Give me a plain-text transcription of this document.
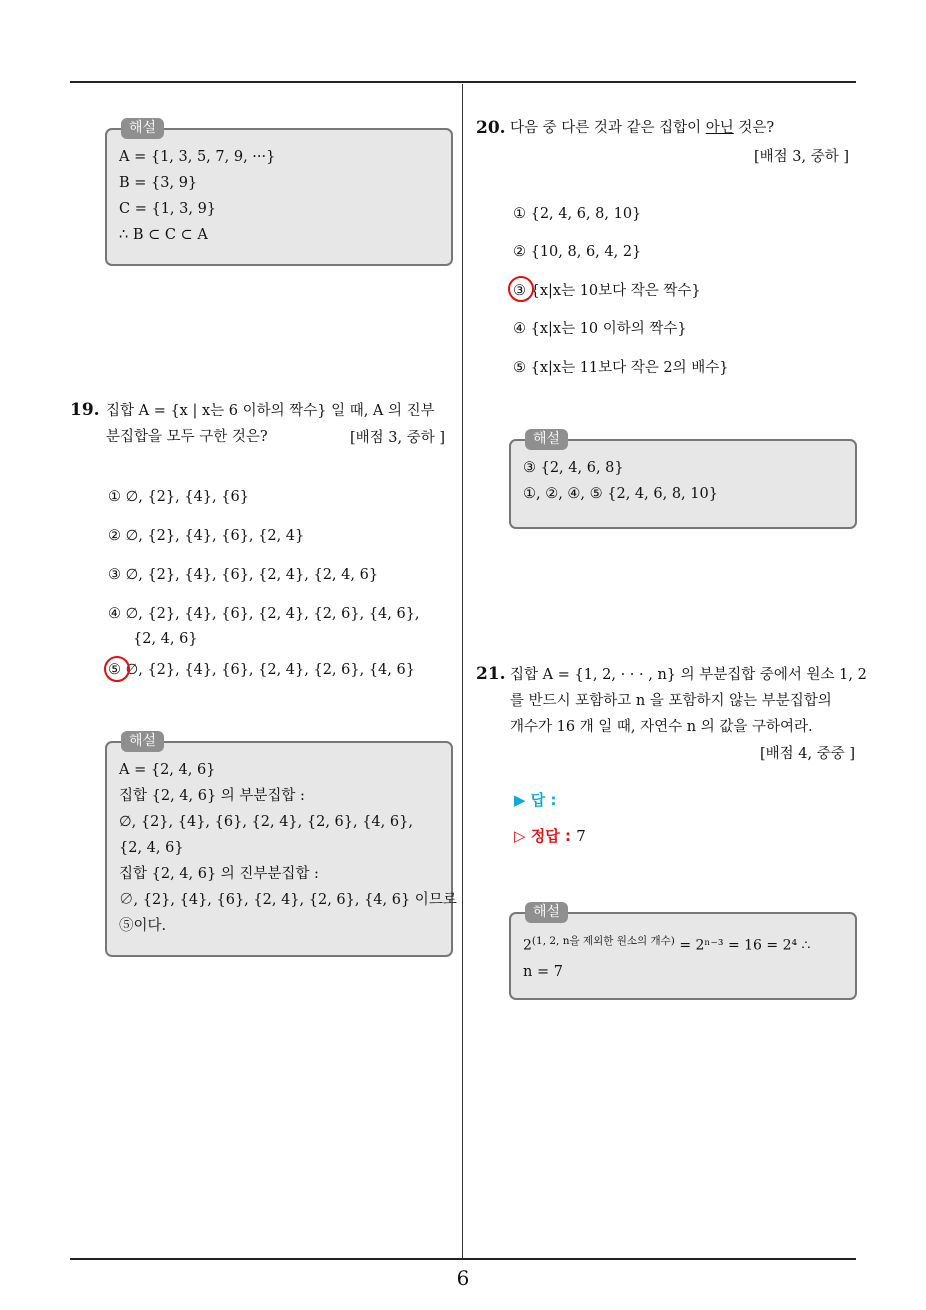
6
해설
A = {1, 3, 5, 7, 9, ···}
B = {3, 9}
C = {1, 3, 9}
∴ B ⊂ C ⊂ A
19. 집합 A = {x | x는 6 이하의 짝수} 일 때, A 의 진부
분집합을 모두 구한 것은?	[배점 3, 중하 ]
① ∅, {2}, {4}, {6}
② ∅, {2}, {4}, {6}, {2, 4}
③ ∅, {2}, {4}, {6}, {2, 4}, {2, 4, 6}
④ ∅, {2}, {4}, {6}, {2, 4}, {2, 6}, {4, 6},
{2, 4, 6}
⑤ ∅, {2}, {4}, {6}, {2, 4}, {2, 6}, {4, 6}
해설
A = {2, 4, 6}
집합 {2, 4, 6} 의 부분집합 :
∅, {2}, {4}, {6}, {2, 4}, {2, 6}, {4, 6},
{2, 4, 6}
집합 {2, 4, 6} 의 진부분집합 :
∅, {2}, {4}, {6}, {2, 4}, {2, 6}, {4, 6} 이므로
⑤이다.
20. 다음 중 다른 것과 같은 집합이 아닌 것은?
[배점 3, 중하 ]
① {2, 4, 6, 8, 10}
② {10, 8, 6, 4, 2}
③ {x|x는 10보다 작은 짝수}
④ {x|x는 10 이하의 짝수}
⑤ {x|x는 11보다 작은 2의 배수}
해설
③ {2, 4, 6, 8}
①, ②, ④, ⑤ {2, 4, 6, 8, 10}
21. 집합 A = {1, 2, · · · , n} 의 부분집합 중에서 원소 1, 2
를 반드시 포함하고 n 을 포함하지 않는 부분집합의
개수가 16 개 일 때, 자연수 n 의 값을 구하여라.
[배점 4, 중중 ]
▶ 답 :
▷ 정답 : 7
해설
$2^{(1, 2, n을 제외한 원소의 개수)} = 2^{n-3} = 16 = 2^4$ ∴
n = 7
